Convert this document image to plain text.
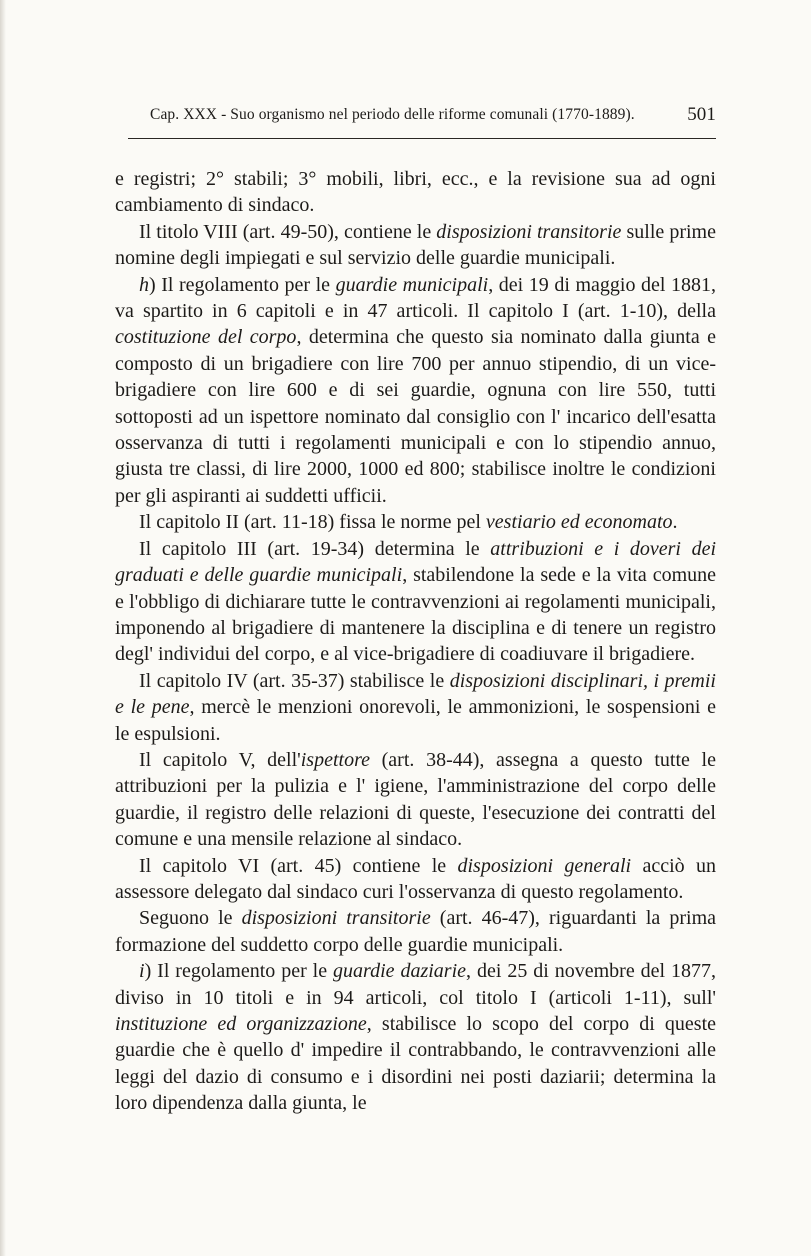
Cap. XXX - Suo organismo nel periodo delle riforme comunali (1770-1889).	501

e registri; 2° stabili; 3° mobili, libri, ecc., e la revisione sua ad ogni cambiamento di sindaco.

Il titolo VIII (art. 49-50), contiene le disposizioni transitorie sulle prime nomine degli impiegati e sul servizio delle guardie municipali.

h) Il regolamento per le guardie municipali, dei 19 di maggio del 1881, va spartito in 6 capitoli e in 47 articoli. Il capitolo I (art. 1-10), della costituzione del corpo, determina che questo sia nominato dalla giunta e composto di un brigadiere con lire 700 per annuo stipendio, di un vice-brigadiere con lire 600 e di sei guardie, ognuna con lire 550, tutti sottoposti ad un ispettore nominato dal consiglio con l' incarico dell'esatta osservanza di tutti i regolamenti municipali e con lo stipendio annuo, giusta tre classi, di lire 2000, 1000 ed 800; stabilisce inoltre le condizioni per gli aspiranti ai suddetti ufficii.

Il capitolo II (art. 11-18) fissa le norme pel vestiario ed economato.

Il capitolo III (art. 19-34) determina le attribuzioni e i doveri dei graduati e delle guardie municipali, stabilendone la sede e la vita comune e l'obbligo di dichiarare tutte le contravvenzioni ai regolamenti municipali, imponendo al brigadiere di mantenere la disciplina e di tenere un registro degl' individui del corpo, e al vice-brigadiere di coadiuvare il brigadiere.

Il capitolo IV (art. 35-37) stabilisce le disposizioni disciplinari, i premii e le pene, mercè le menzioni onorevoli, le ammonizioni, le sospensioni e le espulsioni.

Il capitolo V, dell'ispettore (art. 38-44), assegna a questo tutte le attribuzioni per la pulizia e l' igiene, l'amministrazione del corpo delle guardie, il registro delle relazioni di queste, l'esecuzione dei contratti del comune e una mensile relazione al sindaco.

Il capitolo VI (art. 45) contiene le disposizioni generali acciò un assessore delegato dal sindaco curi l'osservanza di questo regolamento.

Seguono le disposizioni transitorie (art. 46-47), riguardanti la prima formazione del suddetto corpo delle guardie municipali.

i) Il regolamento per le guardie daziarie, dei 25 di novembre del 1877, diviso in 10 titoli e in 94 articoli, col titolo I (articoli 1-11), sull' instituzione ed organizzazione, stabilisce lo scopo del corpo di queste guardie che è quello d' impedire il contrabbando, le contravvenzioni alle leggi del dazio di consumo e i disordini nei posti daziarii; determina la loro dipendenza dalla giunta, le
